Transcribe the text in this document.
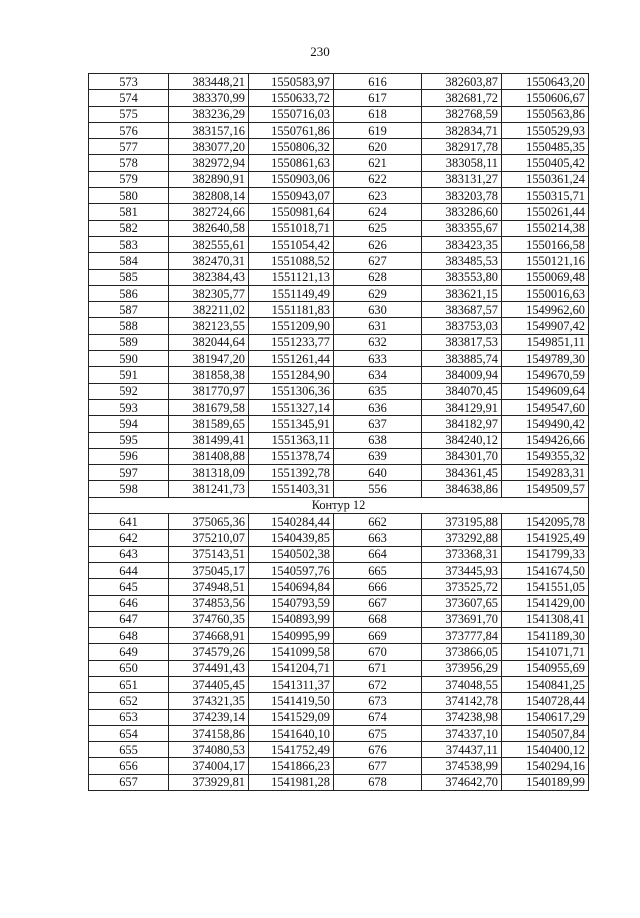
230
573	383448,21	1550583,97	616	382603,87	1550643,20
574	383370,99	1550633,72	617	382681,72	1550606,67
575	383236,29	1550716,03	618	382768,59	1550563,86
576	383157,16	1550761,86	619	382834,71	1550529,93
577	383077,20	1550806,32	620	382917,78	1550485,35
578	382972,94	1550861,63	621	383058,11	1550405,42
579	382890,91	1550903,06	622	383131,27	1550361,24
580	382808,14	1550943,07	623	383203,78	1550315,71
581	382724,66	1550981,64	624	383286,60	1550261,44
582	382640,58	1551018,71	625	383355,67	1550214,38
583	382555,61	1551054,42	626	383423,35	1550166,58
584	382470,31	1551088,52	627	383485,53	1550121,16
585	382384,43	1551121,13	628	383553,80	1550069,48
586	382305,77	1551149,49	629	383621,15	1550016,63
587	382211,02	1551181,83	630	383687,57	1549962,60
588	382123,55	1551209,90	631	383753,03	1549907,42
589	382044,64	1551233,77	632	383817,53	1549851,11
590	381947,20	1551261,44	633	383885,74	1549789,30
591	381858,38	1551284,90	634	384009,94	1549670,59
592	381770,97	1551306,36	635	384070,45	1549609,64
593	381679,58	1551327,14	636	384129,91	1549547,60
594	381589,65	1551345,91	637	384182,97	1549490,42
595	381499,41	1551363,11	638	384240,12	1549426,66
596	381408,88	1551378,74	639	384301,70	1549355,32
597	381318,09	1551392,78	640	384361,45	1549283,31
598	381241,73	1551403,31	556	384638,86	1549509,57
Контур 12					
641	375065,36	1540284,44	662	373195,88	1542095,78
642	375210,07	1540439,85	663	373292,88	1541925,49
643	375143,51	1540502,38	664	373368,31	1541799,33
644	375045,17	1540597,76	665	373445,93	1541674,50
645	374948,51	1540694,84	666	373525,72	1541551,05
646	374853,56	1540793,59	667	373607,65	1541429,00
647	374760,35	1540893,99	668	373691,70	1541308,41
648	374668,91	1540995,99	669	373777,84	1541189,30
649	374579,26	1541099,58	670	373866,05	1541071,71
650	374491,43	1541204,71	671	373956,29	1540955,69
651	374405,45	1541311,37	672	374048,55	1540841,25
652	374321,35	1541419,50	673	374142,78	1540728,44
653	374239,14	1541529,09	674	374238,98	1540617,29
654	374158,86	1541640,10	675	374337,10	1540507,84
655	374080,53	1541752,49	676	374437,11	1540400,12
656	374004,17	1541866,23	677	374538,99	1540294,16
657	373929,81	1541981,28	678	374642,70	1540189,99
